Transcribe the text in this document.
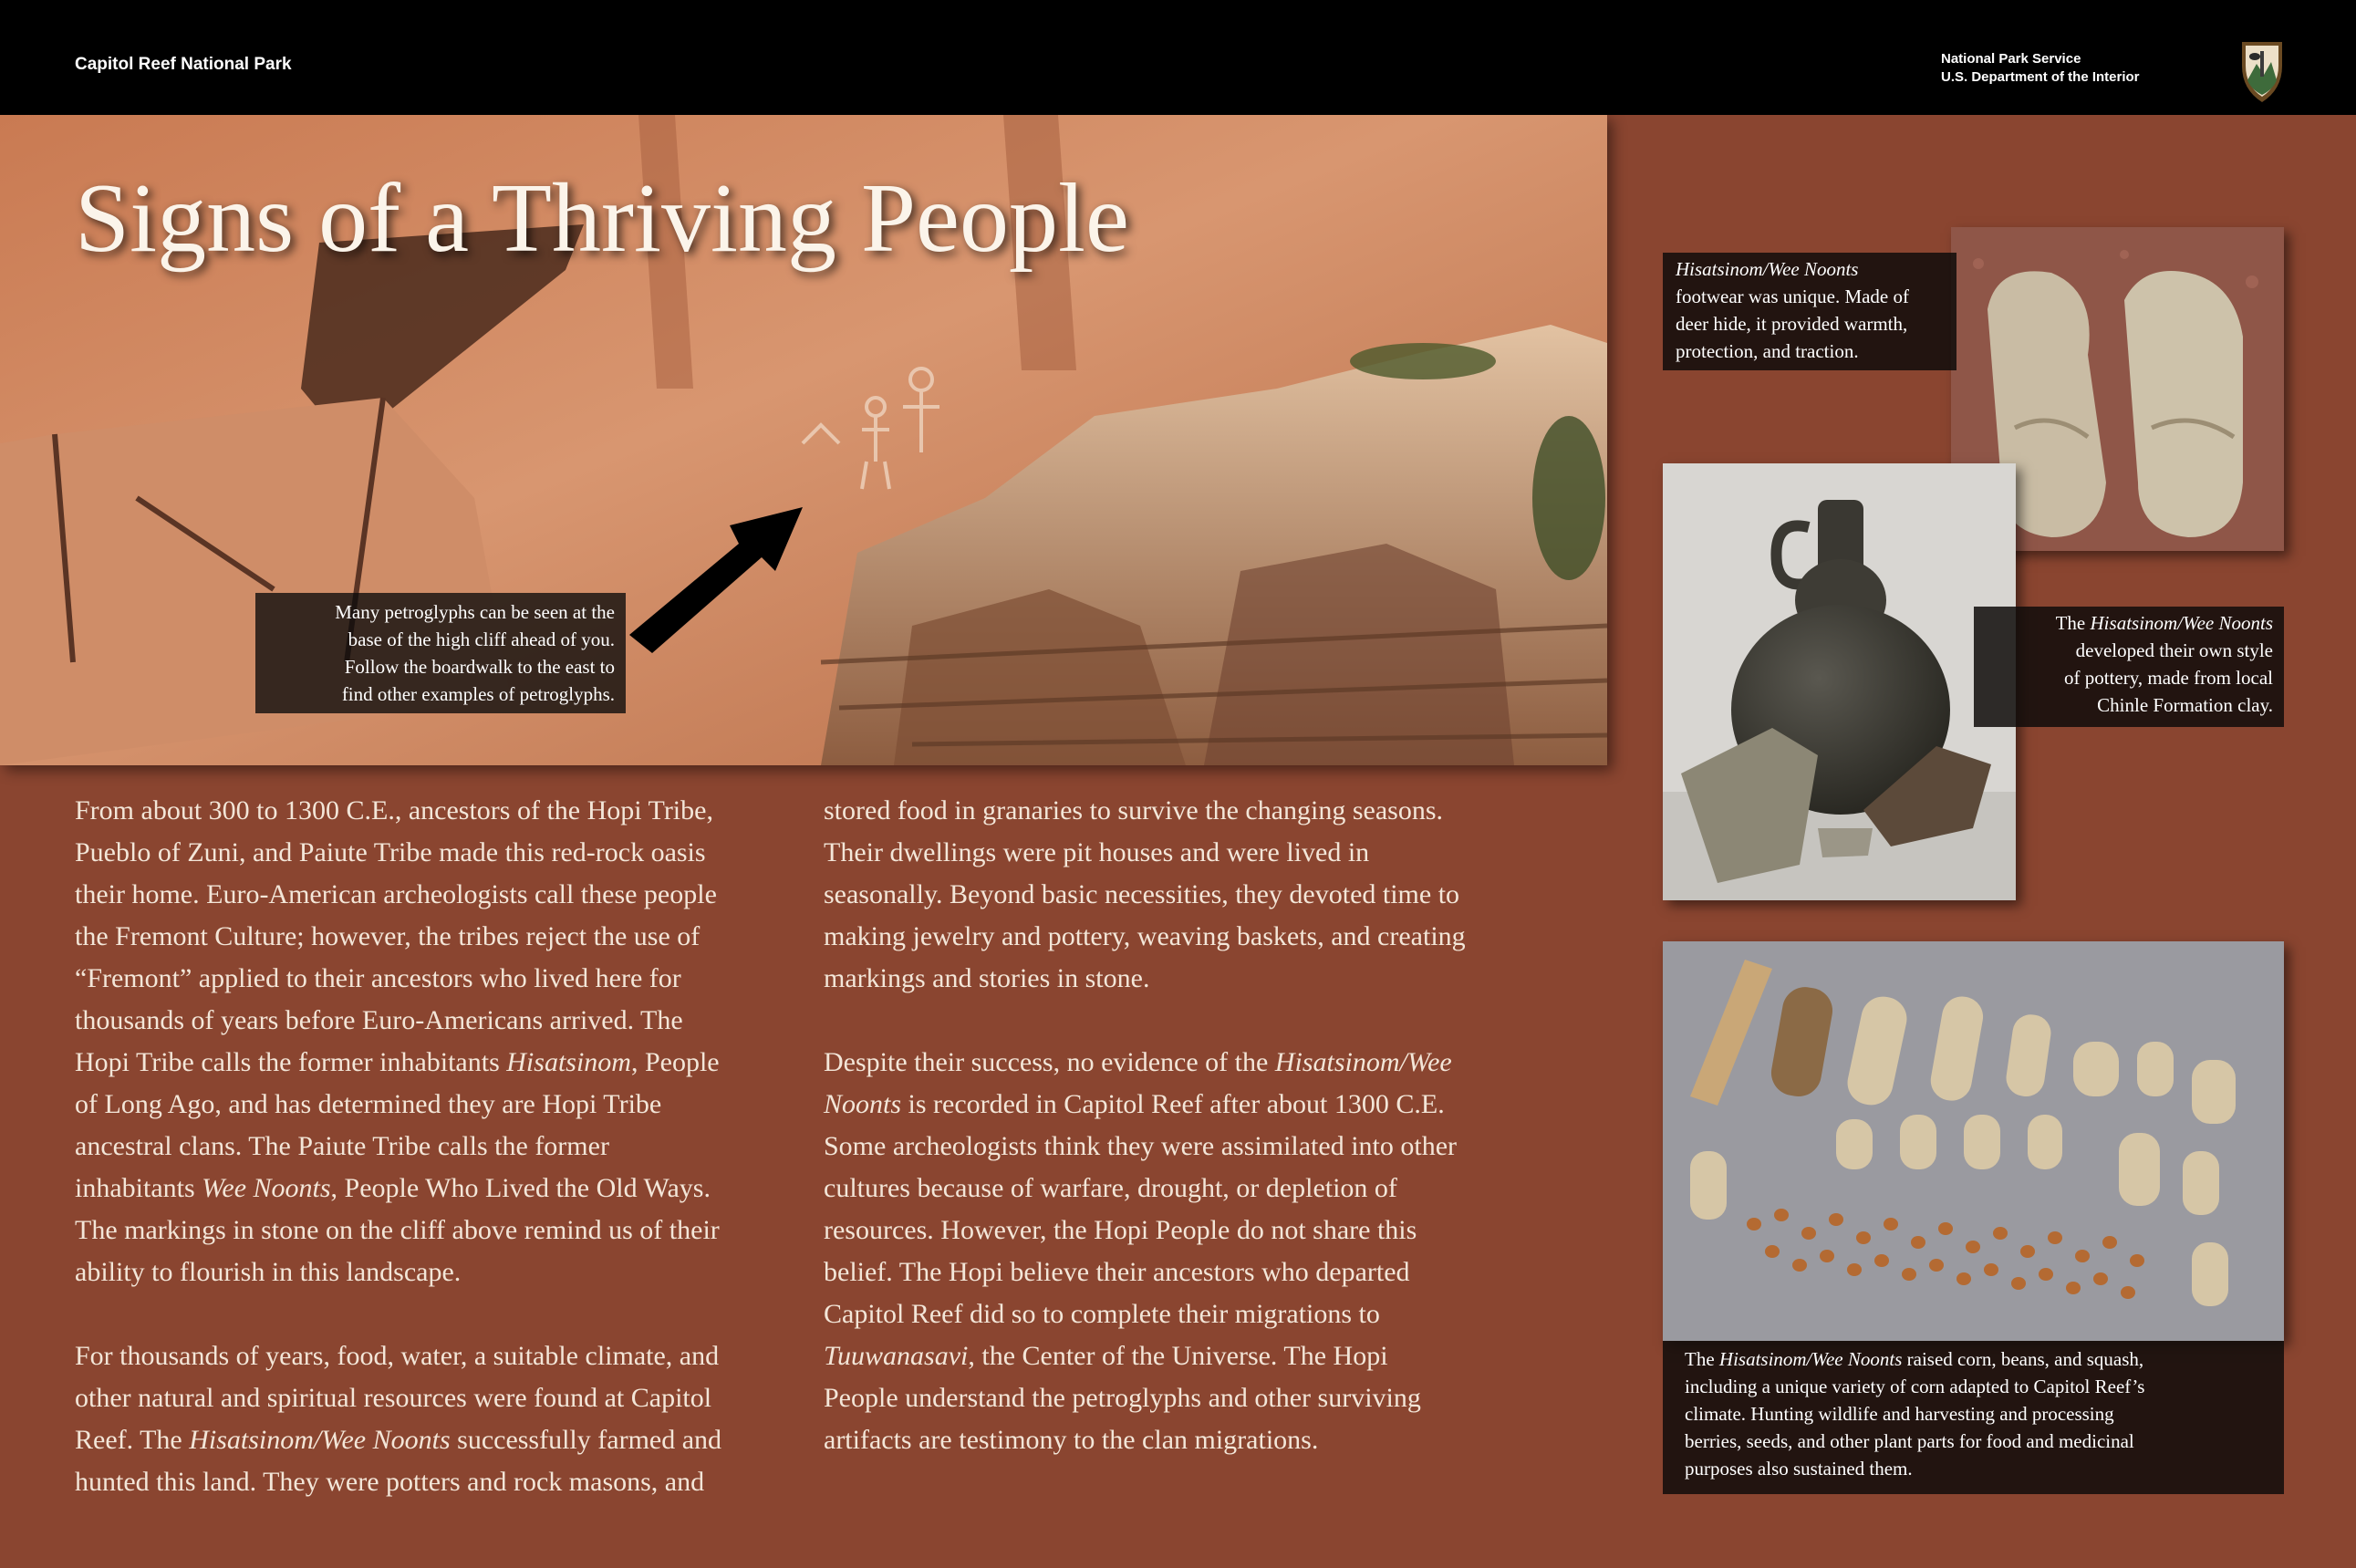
Capitol Reef National Park	National Park Service
U.S. Department of the Interior
Signs of a Thriving People
Many petroglyphs can be seen at the
base of the high cliff ahead of you.
Follow the boardwalk to the east to
find other examples of petroglyphs.

From about 300 to 1300 C.E., ancestors of the Hopi Tribe,

Pueblo of Zuni, and Paiute Tribe made this red-rock oasis

their home. Euro-American archeologists call these people

the Fremont Culture; however, the tribes reject the use of

“Fremont” applied to their ancestors who lived here for

thousands of years before Euro-Americans arrived. The

Hopi Tribe calls the former inhabitants Hisatsinom, People

of Long Ago, and has determined they are Hopi Tribe

ancestral clans. The Paiute Tribe calls the former

inhabitants Wee Noonts, People Who Lived the Old Ways.

The markings in stone on the cliff above remind us of their

ability to flourish in this landscape.

For thousands of years, food, water, a suitable climate, and

other natural and spiritual resources were found at Capitol

Reef. The Hisatsinom/Wee Noonts successfully farmed and

hunted this land. They were potters and rock masons, and

stored food in granaries to survive the changing seasons.

Their dwellings were pit houses and were lived in

seasonally. Beyond basic necessities, they devoted time to

making jewelry and pottery, weaving baskets, and creating

markings and stories in stone.

Despite their success, no evidence of the Hisatsinom/Wee

Noonts is recorded in Capitol Reef after about 1300 C.E.

Some archeologists think they were assimilated into other

cultures because of warfare, drought, or depletion of

resources. However, the Hopi People do not share this

belief. The Hopi believe their ancestors who departed

Capitol Reef did so to complete their migrations to

Tuuwanasavi, the Center of the Universe. The Hopi

People understand the petroglyphs and other surviving

artifacts are testimony to the clan migrations.

Hisatsinom/Wee Noonts
footwear was unique. Made of
deer hide, it provided warmth,
protection, and traction.
The Hisatsinom/Wee Noonts
developed their own style
of pottery, made from local
Chinle Formation clay.
The Hisatsinom/Wee Noonts raised corn, beans, and squash,
including a unique variety of corn adapted to Capitol Reef’s
climate. Hunting wildlife and harvesting and processing
berries, seeds, and other plant parts for food and medicinal
purposes also sustained them.
